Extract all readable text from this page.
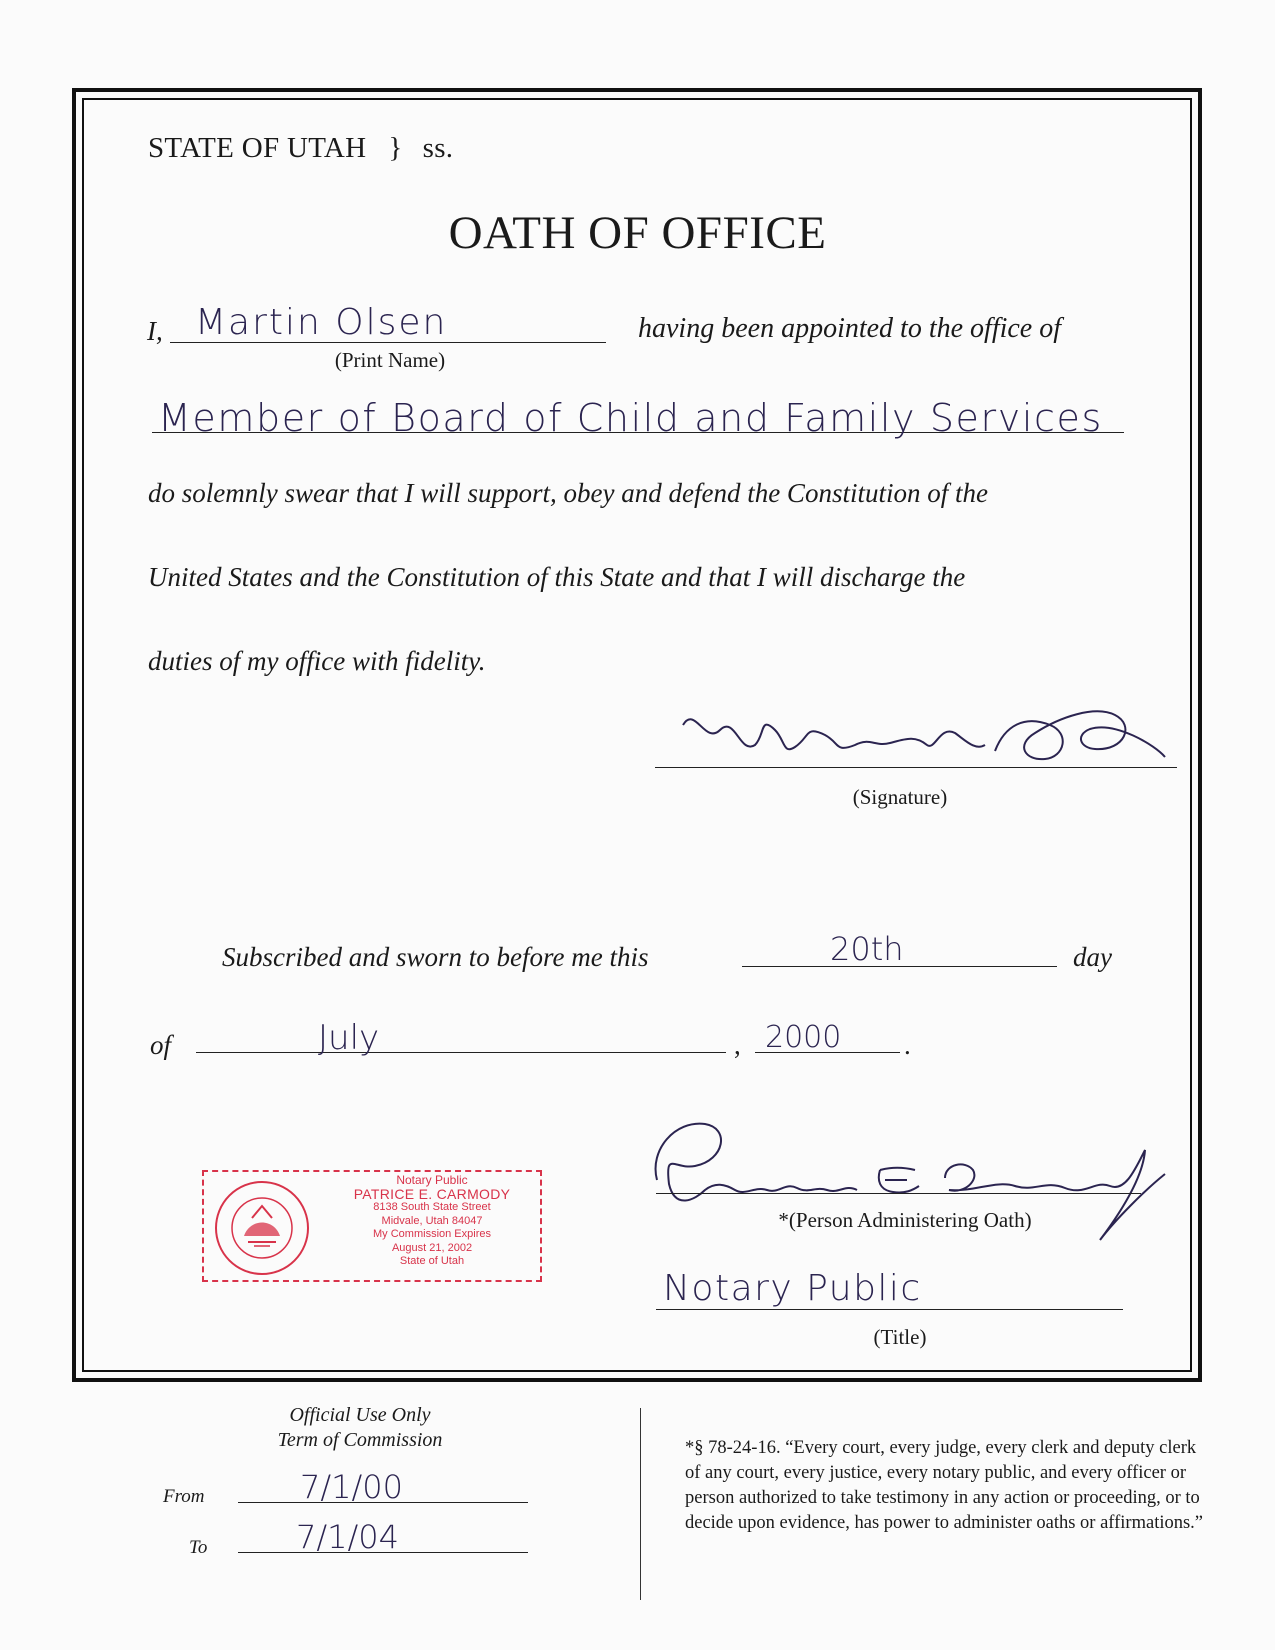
STATE OF UTAH } ss.
OATH OF OFFICE
I, Martin Olsen
(Print Name)
having been appointed to the office of
Member of Board of Child and Family Services
do solemnly swear that I will support, obey and defend the Constitution of the
United States and the Constitution of this State and that I will discharge the
duties of my office with fidelity.
(Signature)
Subscribed and sworn to before me this	20th	day
of	July	, 2000 .
Notary Public
PATRICE E. CARMODY
8138 South State Street
Midvale, Utah 84047
My Commission Expires
August 21, 2002
State of Utah
*(Person Administering Oath)
Notary Public
(Title)
Official Use Only
Term of Commission
From	7/1/00
To	7/1/04
*§ 78-24-16. “Every court, every judge, every clerk and deputy clerk of any court, every justice, every notary public, and every officer or person authorized to take testimony in any action or proceeding, or to decide upon evidence, has power to administer oaths or affirmations.”
